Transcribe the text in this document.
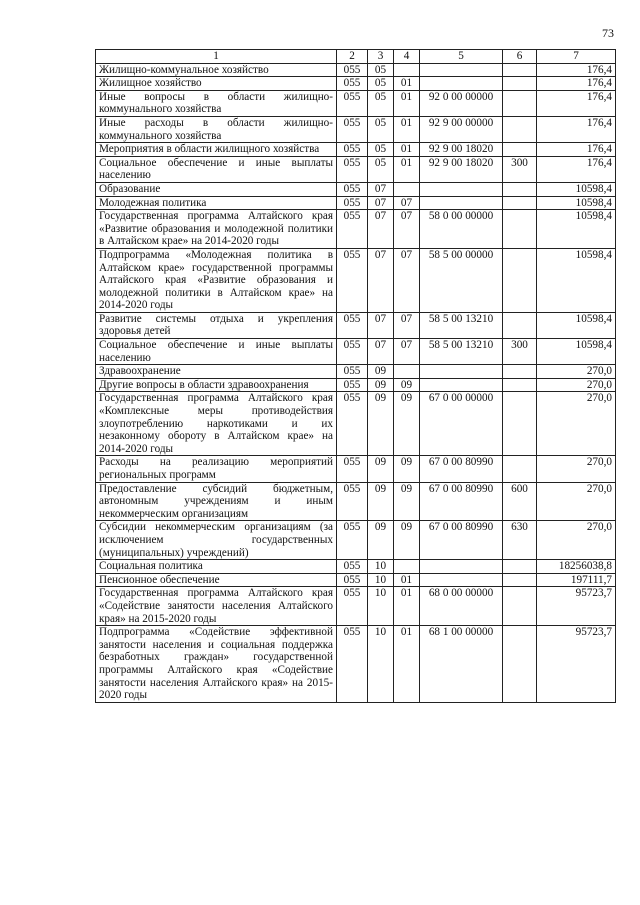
73
1	2	3	4	5	6	7
Жилищно-коммунальное хозяйство	055	05				176,4
Жилищное хозяйство	055	05	01			176,4
Иные вопросы в области жилищно-коммунального хозяйства	055	05	01	92 0 00 00000		176,4
Иные расходы в области жилищно-коммунального хозяйства	055	05	01	92 9 00 00000		176,4
Мероприятия в области жилищного хозяйства	055	05	01	92 9 00 18020		176,4
Социальное обеспечение и иные выплаты населению	055	05	01	92 9 00 18020	300	176,4
Образование	055	07				10598,4
Молодежная политика	055	07	07			10598,4
Государственная программа Алтайского края «Развитие образования и молодежной политики в Алтайском крае» на 2014-2020 годы	055	07	07	58 0 00 00000		10598,4
Подпрограмма «Молодежная политика в Алтайском крае» государственной программы Алтайского края «Развитие образования и молодежной политики в Алтайском крае» на 2014-2020 годы	055	07	07	58 5 00 00000		10598,4
Развитие системы отдыха и укрепления здоровья детей	055	07	07	58 5 00 13210		10598,4
Социальное обеспечение и иные выплаты населению	055	07	07	58 5 00 13210	300	10598,4
Здравоохранение	055	09				270,0
Другие вопросы в области здравоохранения	055	09	09			270,0
Государственная программа Алтайского края «Комплексные меры противодействия злоупотреблению наркотиками и их незаконному обороту в Алтайском крае» на 2014-2020 годы	055	09	09	67 0 00 00000		270,0
Расходы на реализацию мероприятий региональных программ	055	09	09	67 0 00 80990		270,0
Предоставление субсидий бюджетным, автономным учреждениям и иным некоммерческим организациям	055	09	09	67 0 00 80990	600	270,0
Субсидии некоммерческим организациям (за исключением государственных (муниципальных) учреждений)	055	09	09	67 0 00 80990	630	270,0
Социальная политика	055	10				18256038,8
Пенсионное обеспечение	055	10	01			197111,7
Государственная программа Алтайского края «Содействие занятости населения Алтайского края» на 2015-2020 годы	055	10	01	68 0 00 00000		95723,7
Подпрограмма «Содействие эффективной занятости населения и социальная поддержка безработных граждан» государственной программы Алтайского края «Содействие занятости населения Алтайского края» на 2015-2020 годы	055	10	01	68 1 00 00000		95723,7
